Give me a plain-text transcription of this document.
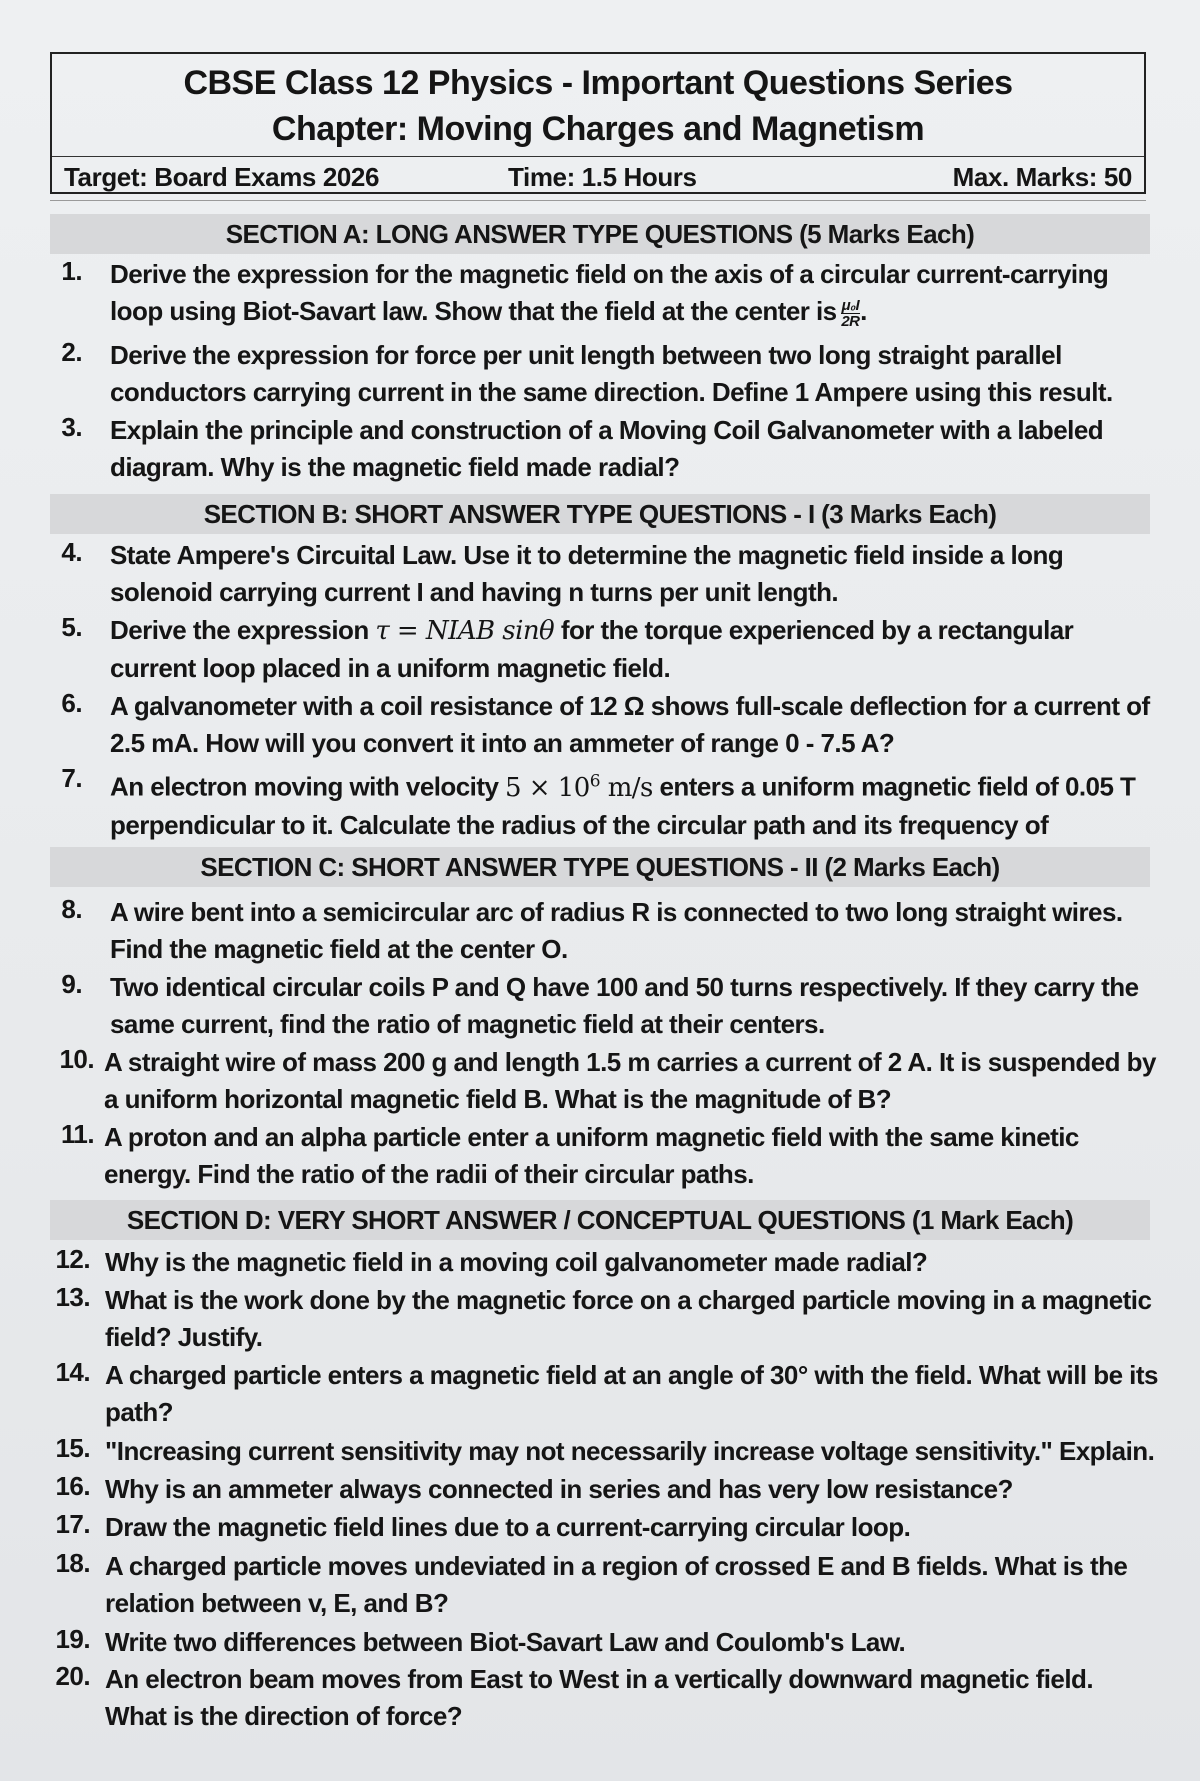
CBSE Class 12 Physics - Important Questions Series
Chapter: Moving Charges and Magnetism
Target: Board Exams 2026	Time: 1.5 Hours	Max. Marks: 50
SECTION A: LONG ANSWER TYPE QUESTIONS (5 Marks Each)
1. Derive the expression for the magnetic field on the axis of a circular current-carrying loop using Biot-Savart law. Show that the field at the center is $\frac{\text{μ₀I}}{2R}$ .
2. Derive the expression for force per unit length between two long straight parallel conductors carrying current in the same direction. Define 1 Ampere using this result.
3. Explain the principle and construction of a Moving Coil Galvanometer with a labeled diagram. Why is the magnetic field made radial?
SECTION B: SHORT ANSWER TYPE QUESTIONS - I (3 Marks Each)
4. State Ampere's Circuital Law. Use it to determine the magnetic field inside a long solenoid carrying current I and having n turns per unit length.
5. Derive the expression τ = NIAB sinθ for the torque experienced by a rectangular current loop placed in a uniform magnetic field.
6. A galvanometer with a coil resistance of 12 Ω shows full-scale deflection for a current of 2.5 mA. How will you convert it into an ammeter of range 0 - 7.5 A?
7. An electron moving with velocity $5 \times 10^6$ m/s enters a uniform magnetic field of 0.05 T perpendicular to it. Calculate the radius of the circular path and its frequency of
SECTION C: SHORT ANSWER TYPE QUESTIONS - II (2 Marks Each)
8. A wire bent into a semicircular arc of radius R is connected to two long straight wires. Find the magnetic field at the center O.
9. Two identical circular coils P and Q have 100 and 50 turns respectively. If they carry the same current, find the ratio of magnetic field at their centers.
10. A straight wire of mass 200 g and length 1.5 m carries a current of 2 A. It is suspended by a uniform horizontal magnetic field B. What is the magnitude of B?
11. A proton and an alpha particle enter a uniform magnetic field with the same kinetic energy. Find the ratio of the radii of their circular paths.
SECTION D: VERY SHORT ANSWER / CONCEPTUAL QUESTIONS (1 Mark Each)
12. Why is the magnetic field in a moving coil galvanometer made radial?
13. What is the work done by the magnetic force on a charged particle moving in a magnetic field? Justify.
14. A charged particle enters a magnetic field at an angle of 30° with the field. What will be its path?
15. "Increasing current sensitivity may not necessarily increase voltage sensitivity." Explain.
16. Why is an ammeter always connected in series and has very low resistance?
17. Draw the magnetic field lines due to a current-carrying circular loop.
18. A charged particle moves undeviated in a region of crossed E and B fields. What is the relation between v, E, and B?
19. Write two differences between Biot-Savart Law and Coulomb's Law.
20. An electron beam moves from East to West in a vertically downward magnetic field. What is the direction of force?
